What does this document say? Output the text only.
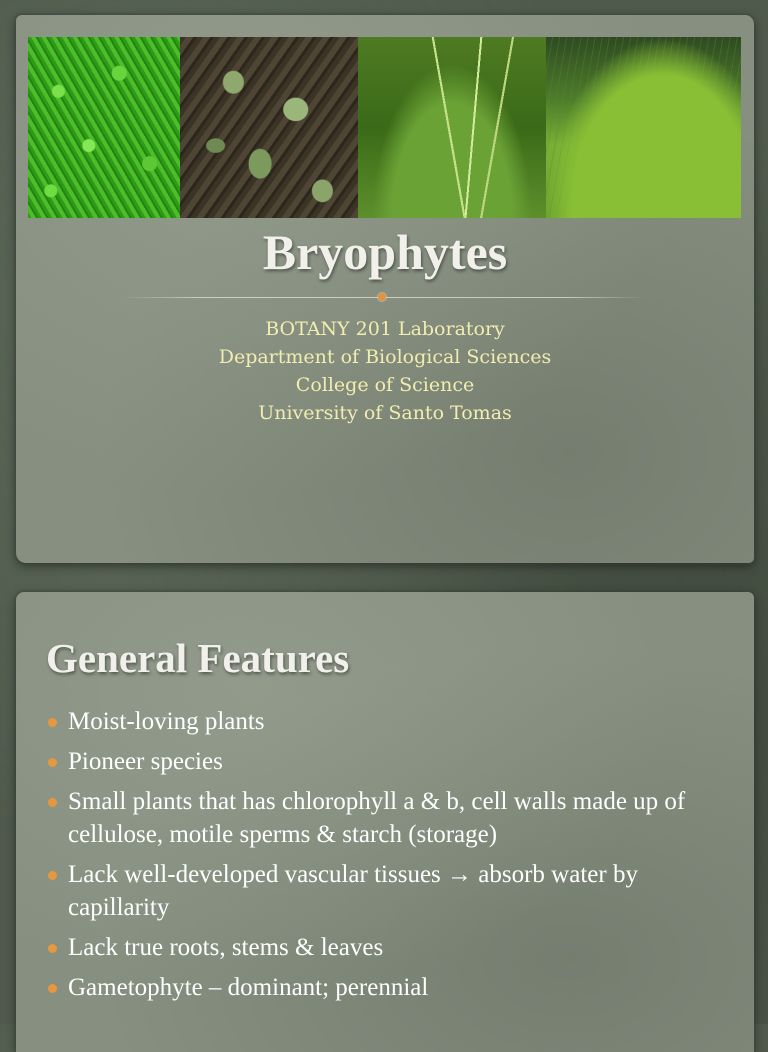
Bryophytes
BOTANY 201 Laboratory
Department of Biological Sciences
College of Science
University of Santo Tomas
General Features
Moist-loving plants
Pioneer species
Small plants that has chlorophyll a & b, cell walls made up of cellulose, motile sperms & starch (storage)
Lack well-developed vascular tissues → absorb water by capillarity
Lack true roots, stems & leaves
Gametophyte – dominant; perennial
